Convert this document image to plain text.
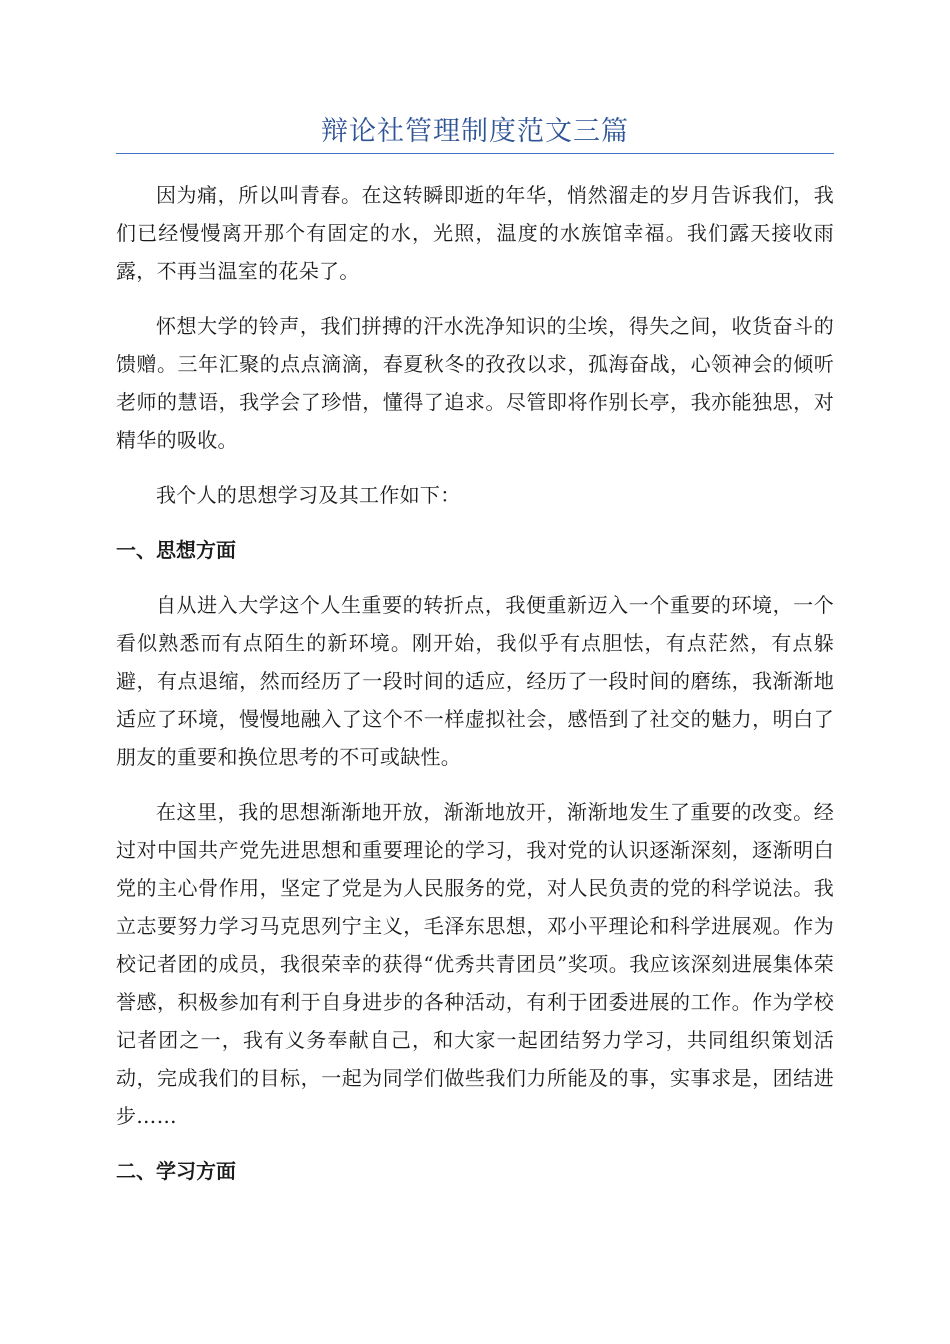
辩论社管理制度范文三篇

因为痛，所以叫青春。在这转瞬即逝的年华，悄然溜走的岁月告诉我们，我们已经慢慢离开那个有固定的水，光照，温度的水族馆幸福。我们露天接收雨露，不再当温室的花朵了。

怀想大学的铃声，我们拼搏的汗水洗净知识的尘埃，得失之间，收货奋斗的馈赠。三年汇聚的点点滴滴，春夏秋冬的孜孜以求，孤海奋战，心领神会的倾听老师的慧语，我学会了珍惜，懂得了追求。尽管即将作别长亭，我亦能独思，对精华的吸收。

我个人的思想学习及其工作如下：

一、思想方面

自从进入大学这个人生重要的转折点，我便重新迈入一个重要的环境，一个看似熟悉而有点陌生的新环境。刚开始，我似乎有点胆怯，有点茫然，有点躲避，有点退缩，然而经历了一段时间的适应，经历了一段时间的磨练，我渐渐地适应了环境，慢慢地融入了这个不一样虚拟社会，感悟到了社交的魅力，明白了朋友的重要和换位思考的不可或缺性。

在这里，我的思想渐渐地开放，渐渐地放开，渐渐地发生了重要的改变。经过对中国共产党先进思想和重要理论的学习，我对党的认识逐渐深刻，逐渐明白党的主心骨作用，坚定了党是为人民服务的党，对人民负责的党的科学说法。我立志要努力学习马克思列宁主义，毛泽东思想，邓小平理论和科学进展观。作为校记者团的成员，我很荣幸的获得“优秀共青团员”奖项。我应该深刻进展集体荣誉感，积极参加有利于自身进步的各种活动，有利于团委进展的工作。作为学校记者团之一，我有义务奉献自己，和大家一起团结努力学习，共同组织策划活动，完成我们的目标，一起为同学们做些我们力所能及的事，实事求是，团结进步……

二、学习方面
